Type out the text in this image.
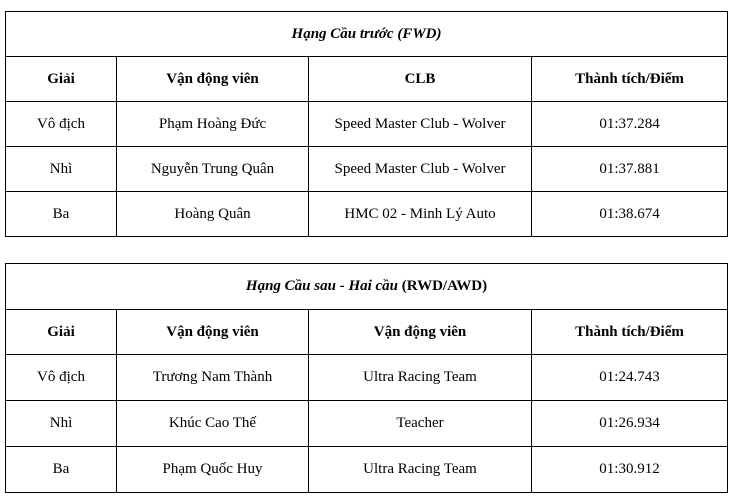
Hạng Cầu trước (FWD)			
Giải	Vận động viên	CLB	Thành tích/Điểm
Vô địch	Phạm Hoàng Đức	Speed Master Club - Wolver	01:37.284
Nhì	Nguyễn Trung Quân	Speed Master Club - Wolver	01:37.881
Ba	Hoàng Quân	HMC 02 - Minh Lý Auto	01:38.674
Hạng Cầu sau - Hai cầu (RWD/AWD)			
Giải	Vận động viên	Vận động viên	Thành tích/Điểm
Vô địch	Trương Nam Thành	Ultra Racing Team	01:24.743
Nhì	Khúc Cao Thế	Teacher	01:26.934
Ba	Phạm Quốc Huy	Ultra Racing Team	01:30.912
